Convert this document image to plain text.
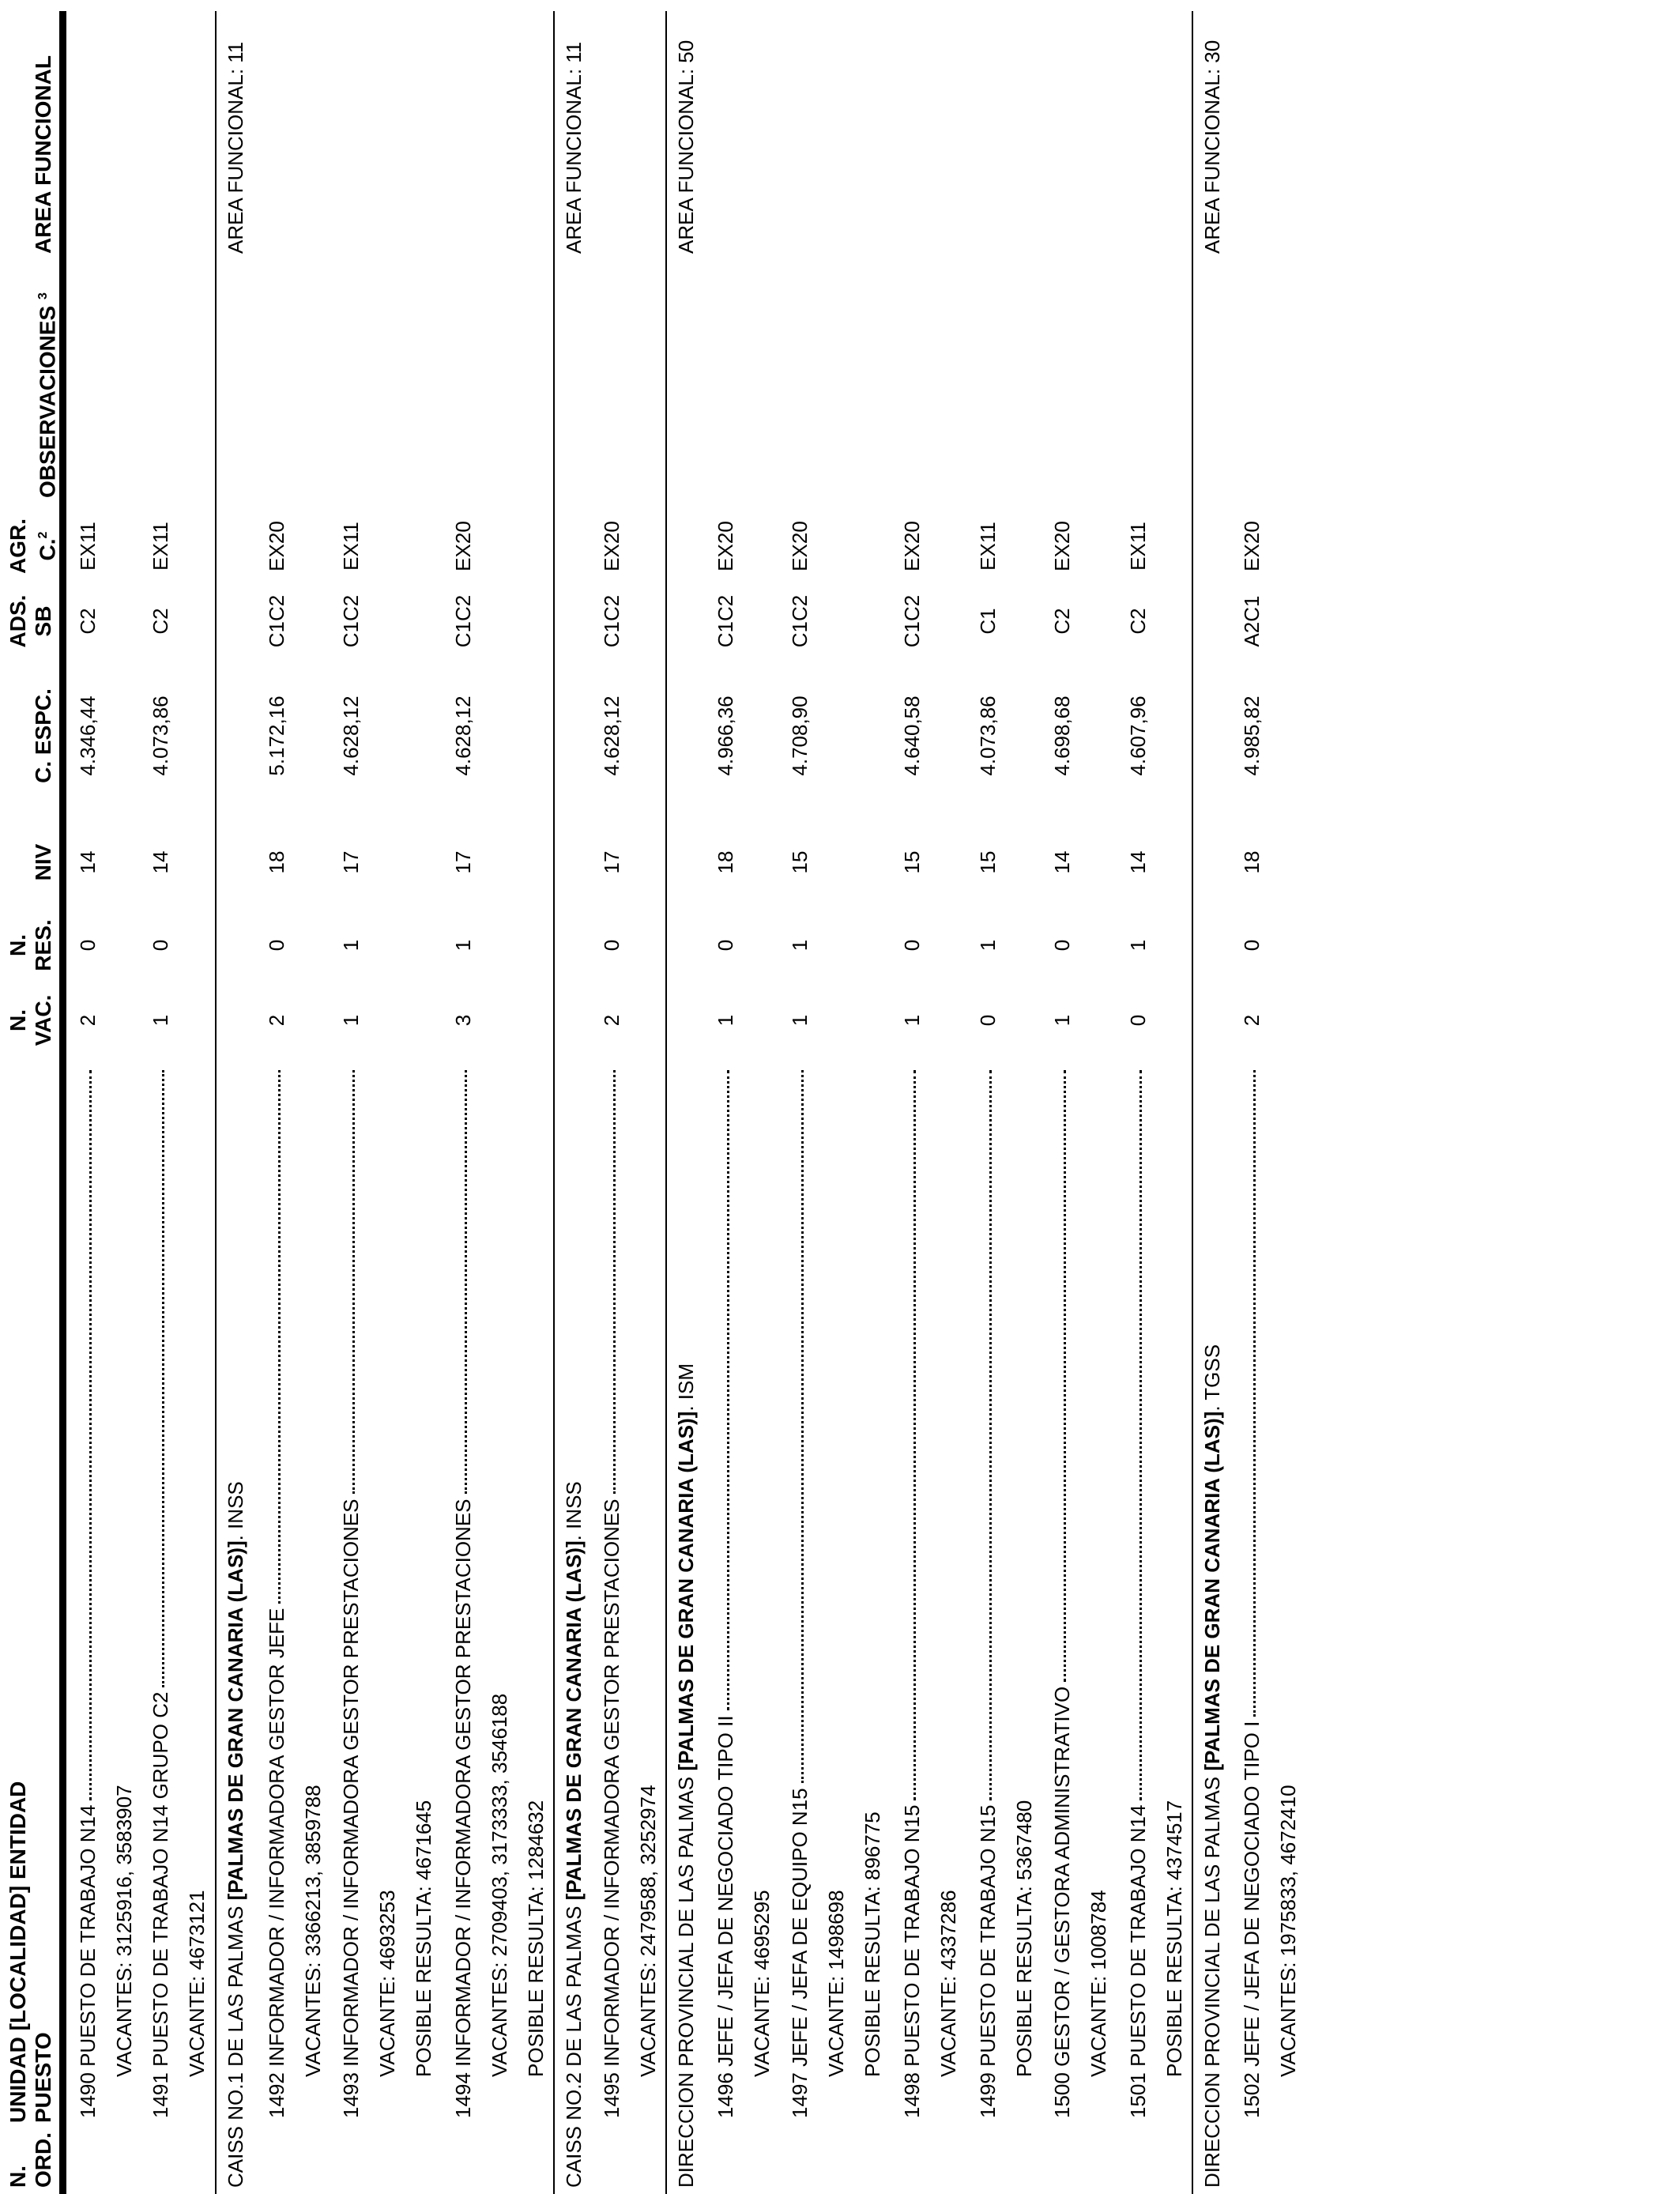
N. ORD.
UNIDAD [LOCALIDAD] ENTIDAD PUESTO
N. VAC.
N. RES.
NIV
C. ESPC.
ADS. SB
AGR. C.$^2$
OBSERVACIONES $^3$
AREA FUNCIONAL
1490

PUESTO DE TRABAJO N14
2
0
14
4.346,44
C2
EX11
VACANTES: 3125916, 3583907
1491

PUESTO DE TRABAJO N14 GRUPO C2
1
0
14
4.073,86
C2
EX11
VACANTE: 4673121 CAISS NO.1 DE LAS PALMAS [PALMAS DE GRAN CANARIA (LAS)]. INSS
AREA FUNCIONAL: 11
1492

INFORMADOR / INFORMADORA GESTOR JEFE
2
0
18
5.172,16
C1C2
EX20
VACANTES: 3366213, 3859788
1493

INFORMADOR / INFORMADORA GESTOR PRESTACIONES
1
1
17
4.628,12
C1C2
EX11
VACANTE: 4693253 POSIBLE RESULTA: 4671645
1494

INFORMADOR / INFORMADORA GESTOR PRESTACIONES
3
1
17
4.628,12
C1C2
EX20
VACANTES: 2709403, 3173333, 3546188 POSIBLE RESULTA: 1284632 CAISS NO.2 DE LAS PALMAS [PALMAS DE GRAN CANARIA (LAS)]. INSS
AREA FUNCIONAL: 11
1495

INFORMADOR / INFORMADORA GESTOR PRESTACIONES
2
0
17
4.628,12
C1C2
EX20
VACANTES: 2479588, 3252974 DIRECCION PROVINCIAL DE LAS PALMAS [PALMAS DE GRAN CANARIA (LAS)]. ISM
AREA FUNCIONAL: 50
1496

JEFE / JEFA DE NEGOCIADO TIPO II
1
0
18
4.966,36
C1C2
EX20
VACANTE: 4695295
1497

JEFE / JEFA DE EQUIPO N15
1
1
15
4.708,90
C1C2
EX20
VACANTE: 1498698 POSIBLE RESULTA: 896775
1498

PUESTO DE TRABAJO N15
1
0
15
4.640,58
C1C2
EX20
VACANTE: 4337286
1499

PUESTO DE TRABAJO N15
0
1
15
4.073,86
C1
EX11
POSIBLE RESULTA: 5367480
1500

GESTOR / GESTORA ADMINISTRATIVO
1
0
14
4.698,68
C2
EX20
VACANTE: 1008784
1501

PUESTO DE TRABAJO N14
0
1
14
4.607,96
C2
EX11
POSIBLE RESULTA: 4374517 DIRECCION PROVINCIAL DE LAS PALMAS [PALMAS DE GRAN CANARIA (LAS)]. TGSS
AREA FUNCIONAL: 30
1502

JEFE / JEFA DE NEGOCIADO TIPO I
2
0
18
4.985,82
A2C1
EX20
VACANTES: 1975833, 4672410
